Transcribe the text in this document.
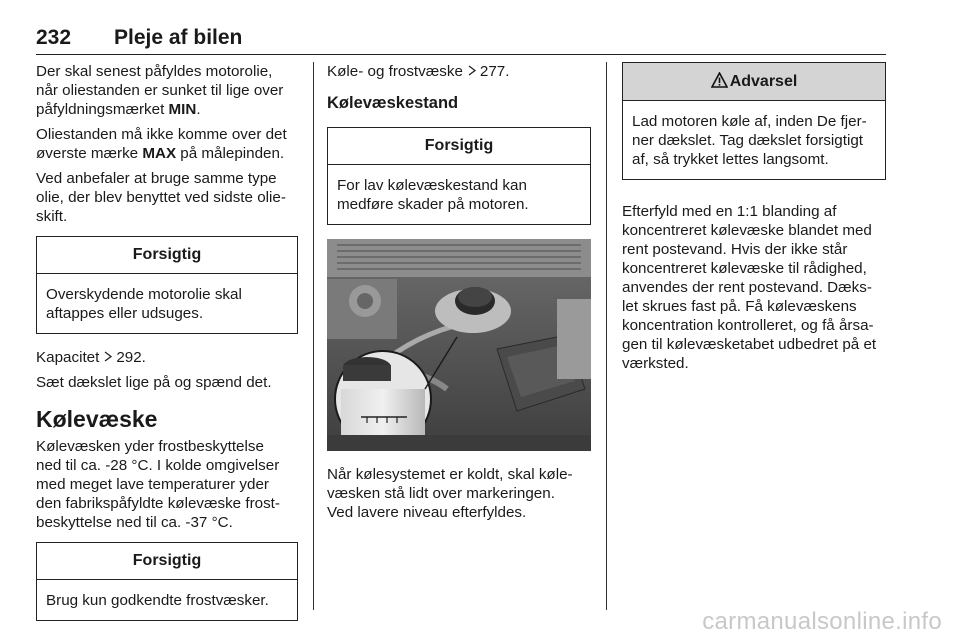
232 Pleje af bilen

Der skal senest påfyldes motorolie,
når oliestanden er sunket til lige over
påfyldningsmærket MIN.

Oliestanden må ikke komme over det
øverste mærke MAX på målepinden.

Ved anbefaler at bruge samme type
olie, der blev benyttet ved sidste olie-
skift.

Forsigtig
Overskydende motorolie skal
aftappes eller udsuges.

Kapacitet 292.

Sæt dækslet lige på og spænd det.

Kølevæske

Kølevæsken yder frostbeskyttelse
ned til ca. -28 °C. I kolde omgivelser
med meget lave temperaturer yder
den fabrikspåfyldte kølevæske frost-
beskyttelse ned til ca. -37 °C.

Forsigtig
Brug kun godkendte frostvæsker.

Køle- og frostvæske 277.

Kølevæskestand
Forsigtig
For lav kølevæskestand kan
medføre skader på motoren.

Når kølesystemet er koldt, skal køle-
væsken stå lidt over markeringen.
Ved lavere niveau efterfyldes.

Advarsel
Lad motoren køle af, inden De fjer-
ner dækslet. Tag dækslet forsigtigt
af, så trykket lettes langsomt.

Efterfyld med en 1:1 blanding af
koncentreret kølevæske blandet med
rent postevand. Hvis der ikke står
koncentreret kølevæske til rådighed,
anvendes der rent postevand. Dæks-
let skrues fast på. Få kølevæskens
koncentration kontrolleret, og få årsa-
gen til kølevæsketabet udbedret på et
værksted.

carmanualsonline.info
